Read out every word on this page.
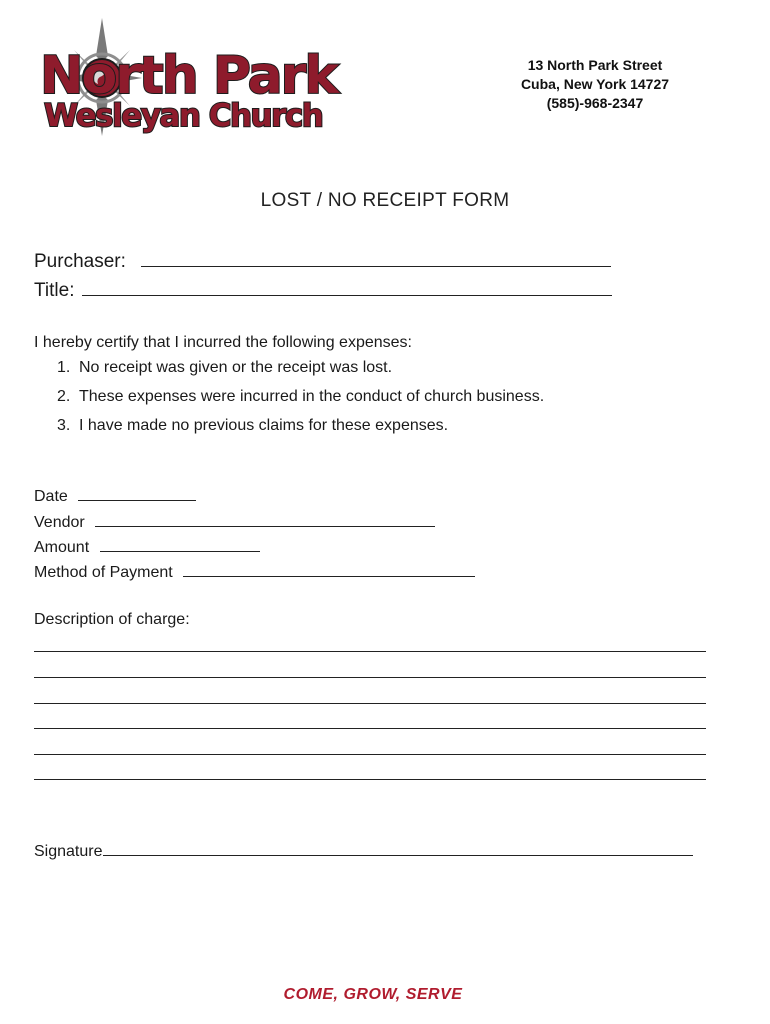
North Park
Wesleyan Church
13 North Park Street
Cuba, New York 14727
(585)-968-2347
LOST / NO RECEIPT FORM
Purchaser:
Title:
I hereby certify that I incurred the following expenses:
1. No receipt was given or the receipt was lost.
2. These expenses were incurred in the conduct of church business.
3. I have made no previous claims for these expenses.
Date
Vendor
Amount
Method of Payment
Description of charge:
Signature
COME, GROW, SERVE
